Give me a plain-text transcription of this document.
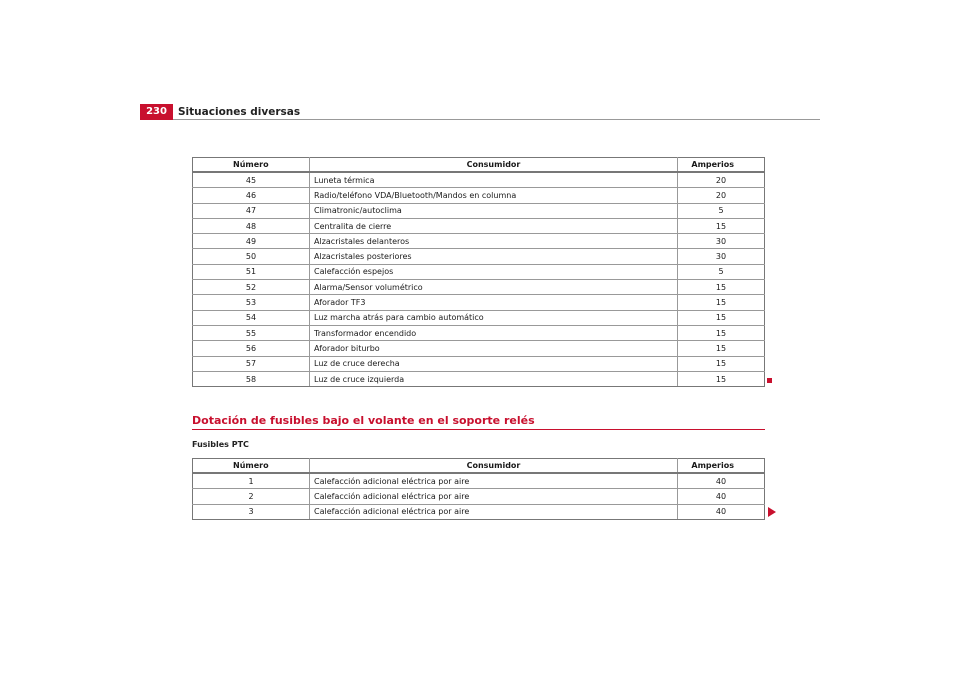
230	Situaciones diversas
Número	Consumidor	Amperios
45	Luneta térmica	20
46	Radio/teléfono VDA/Bluetooth/Mandos en columna	20
47	Climatronic/autoclima	5
48	Centralita de cierre	15
49	Alzacristales delanteros	30
50	Alzacristales posteriores	30
51	Calefacción espejos	5
52	Alarma/Sensor volumétrico	15
53	Aforador TF3	15
54	Luz marcha atrás para cambio automático	15
55	Transformador encendido	15
56	Aforador biturbo	15
57	Luz de cruce derecha	15
58	Luz de cruce izquierda	15
Dotación de fusibles bajo el volante en el soporte relés
Fusibles PTC
Número	Consumidor	Amperios
1	Calefacción adicional eléctrica por aire	40
2	Calefacción adicional eléctrica por aire	40
3	Calefacción adicional eléctrica por aire	40
